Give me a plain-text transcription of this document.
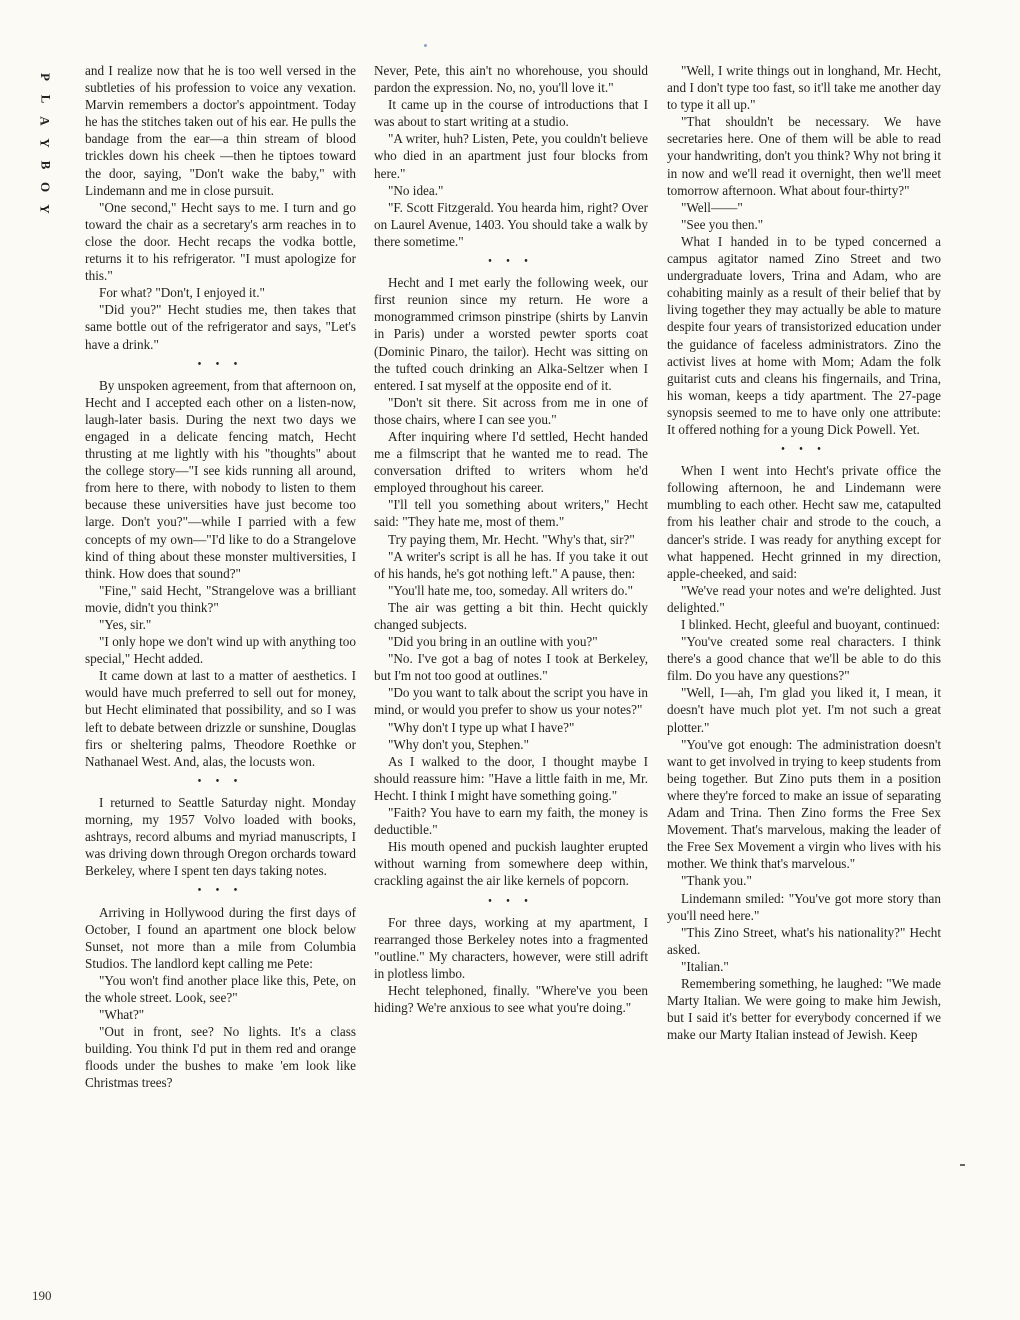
P
L
A
Y
B
O
Y

and I realize now that he is too well versed in the subtleties of his profession to voice any vexation. Marvin remembers a doctor's appointment. Today he has the stitches taken out of his ear. He pulls the bandage from the ear—a thin stream of blood trickles down his cheek —then he tiptoes toward the door, saying, "Don't wake the baby," with Lindemann and me in close pursuit.

"One second," Hecht says to me. I turn and go toward the chair as a secretary's arm reaches in to close the door. Hecht recaps the vodka bottle, returns it to his refrigerator. "I must apologize for this."

For what? "Don't, I enjoyed it."

"Did you?" Hecht studies me, then takes that same bottle out of the refrigerator and says, "Let's have a drink."

• • •

By unspoken agreement, from that afternoon on, Hecht and I accepted each other on a listen-now, laugh-later basis. During the next two days we engaged in a delicate fencing match, Hecht thrusting at me lightly with his "thoughts" about the college story—"I see kids running all around, from here to there, with nobody to listen to them because these universities have just become too large. Don't you?"—while I parried with a few concepts of my own—"I'd like to do a Strangelove kind of thing about these monster multiversities, I think. How does that sound?"

"Fine," said Hecht, "Strangelove was a brilliant movie, didn't you think?"

"Yes, sir."

"I only hope we don't wind up with anything too special," Hecht added.

It came down at last to a matter of aesthetics. I would have much preferred to sell out for money, but Hecht eliminated that possibility, and so I was left to debate between drizzle or sunshine, Douglas firs or sheltering palms, Theodore Roethke or Nathanael West. And, alas, the locusts won.

• • •

I returned to Seattle Saturday night. Monday morning, my 1957 Volvo loaded with books, ashtrays, record albums and myriad manuscripts, I was driving down through Oregon orchards toward Berkeley, where I spent ten days taking notes.

• • •

Arriving in Hollywood during the first days of October, I found an apartment one block below Sunset, not more than a mile from Columbia Studios. The landlord kept calling me Pete:

"You won't find another place like this, Pete, on the whole street. Look, see?"

"What?"

"Out in front, see? No lights. It's a class building. You think I'd put in them red and orange floods under the bushes to make 'em look like Christmas trees?

Never, Pete, this ain't no whorehouse, you should pardon the expression. No, no, you'll love it."

It came up in the course of introductions that I was about to start writing at a studio.

"A writer, huh? Listen, Pete, you couldn't believe who died in an apartment just four blocks from here."

"No idea."

"F. Scott Fitzgerald. You hearda him, right? Over on Laurel Avenue, 1403. You should take a walk by there sometime."

• • •

Hecht and I met early the following week, our first reunion since my return. He wore a monogrammed crimson pinstripe (shirts by Lanvin in Paris) under a worsted pewter sports coat (Dominic Pinaro, the tailor). Hecht was sitting on the tufted couch drinking an Alka-Seltzer when I entered. I sat myself at the opposite end of it.

"Don't sit there. Sit across from me in one of those chairs, where I can see you."

After inquiring where I'd settled, Hecht handed me a filmscript that he wanted me to read. The conversation drifted to writers whom he'd employed throughout his career.

"I'll tell you something about writers," Hecht said: "They hate me, most of them."

Try paying them, Mr. Hecht. "Why's that, sir?"

"A writer's script is all he has. If you take it out of his hands, he's got nothing left." A pause, then:

"You'll hate me, too, someday. All writers do."

The air was getting a bit thin. Hecht quickly changed subjects.

"Did you bring in an outline with you?"

"No. I've got a bag of notes I took at Berkeley, but I'm not too good at outlines."

"Do you want to talk about the script you have in mind, or would you prefer to show us your notes?"

"Why don't I type up what I have?"

"Why don't you, Stephen."

As I walked to the door, I thought maybe I should reassure him: "Have a little faith in me, Mr. Hecht. I think I might have something going."

"Faith? You have to earn my faith, the money is deductible."

His mouth opened and puckish laughter erupted without warning from somewhere deep within, crackling against the air like kernels of popcorn.

• • •

For three days, working at my apartment, I rearranged those Berkeley notes into a fragmented "outline." My characters, however, were still adrift in plotless limbo.

Hecht telephoned, finally. "Where've you been hiding? We're anxious to see what you're doing."

"Well, I write things out in longhand, Mr. Hecht, and I don't type too fast, so it'll take me another day to type it all up."

"That shouldn't be necessary. We have secretaries here. One of them will be able to read your handwriting, don't you think? Why not bring it in now and we'll read it overnight, then we'll meet tomorrow afternoon. What about four-thirty?"

"Well——"

"See you then."

What I handed in to be typed concerned a campus agitator named Zino Street and two undergraduate lovers, Trina and Adam, who are cohabiting mainly as a result of their belief that by living together they may actually be able to mature despite four years of transistorized education under the guidance of faceless administrators. Zino the activist lives at home with Mom; Adam the folk guitarist cuts and cleans his fingernails, and Trina, his woman, keeps a tidy apartment. The 27-page synopsis seemed to me to have only one attribute: It offered nothing for a young Dick Powell. Yet.

• • •

When I went into Hecht's private office the following afternoon, he and Lindemann were mumbling to each other. Hecht saw me, catapulted from his leather chair and strode to the couch, a dancer's stride. I was ready for anything except for what happened. Hecht grinned in my direction, apple-cheeked, and said:

"We've read your notes and we're delighted. Just delighted."

I blinked. Hecht, gleeful and buoyant, continued:

"You've created some real characters. I think there's a good chance that we'll be able to do this film. Do you have any questions?"

"Well, I—ah, I'm glad you liked it, I mean, it doesn't have much plot yet. I'm not such a great plotter."

"You've got enough: The administration doesn't want to get involved in trying to keep students from being together. But Zino puts them in a position where they're forced to make an issue of separating Adam and Trina. Then Zino forms the Free Sex Movement. That's marvelous, making the leader of the Free Sex Movement a virgin who lives with his mother. We think that's marvelous."

"Thank you."

Lindemann smiled: "You've got more story than you'll need here."

"This Zino Street, what's his nationality?" Hecht asked.

"Italian."

Remembering something, he laughed: "We made Marty Italian. We were going to make him Jewish, but I said it's better for everybody concerned if we make our Marty Italian instead of Jewish. Keep

190
